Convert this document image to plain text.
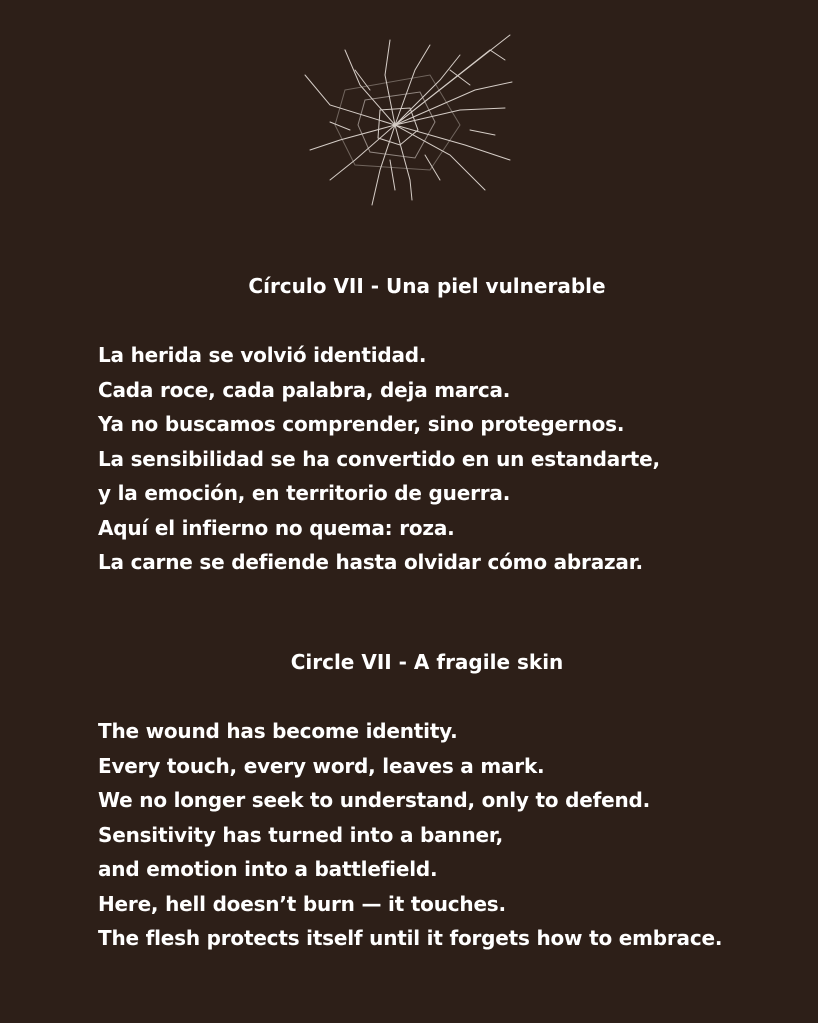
Círculo VII - Una piel vulnerable
La herida se volvió identidad.
Cada roce, cada palabra, deja marca.
Ya no buscamos comprender, sino protegernos.
La sensibilidad se ha convertido en un estandarte,
y la emoción, en territorio de guerra.
Aquí el infierno no quema: roza.
La carne se defiende hasta olvidar cómo abrazar.
Circle VII - A fragile skin
The wound has become identity.
Every touch, every word, leaves a mark.
We no longer seek to understand, only to defend.
Sensitivity has turned into a banner,
and emotion into a battlefield.
Here, hell doesn’t burn — it touches.
The flesh protects itself until it forgets how to embrace.
